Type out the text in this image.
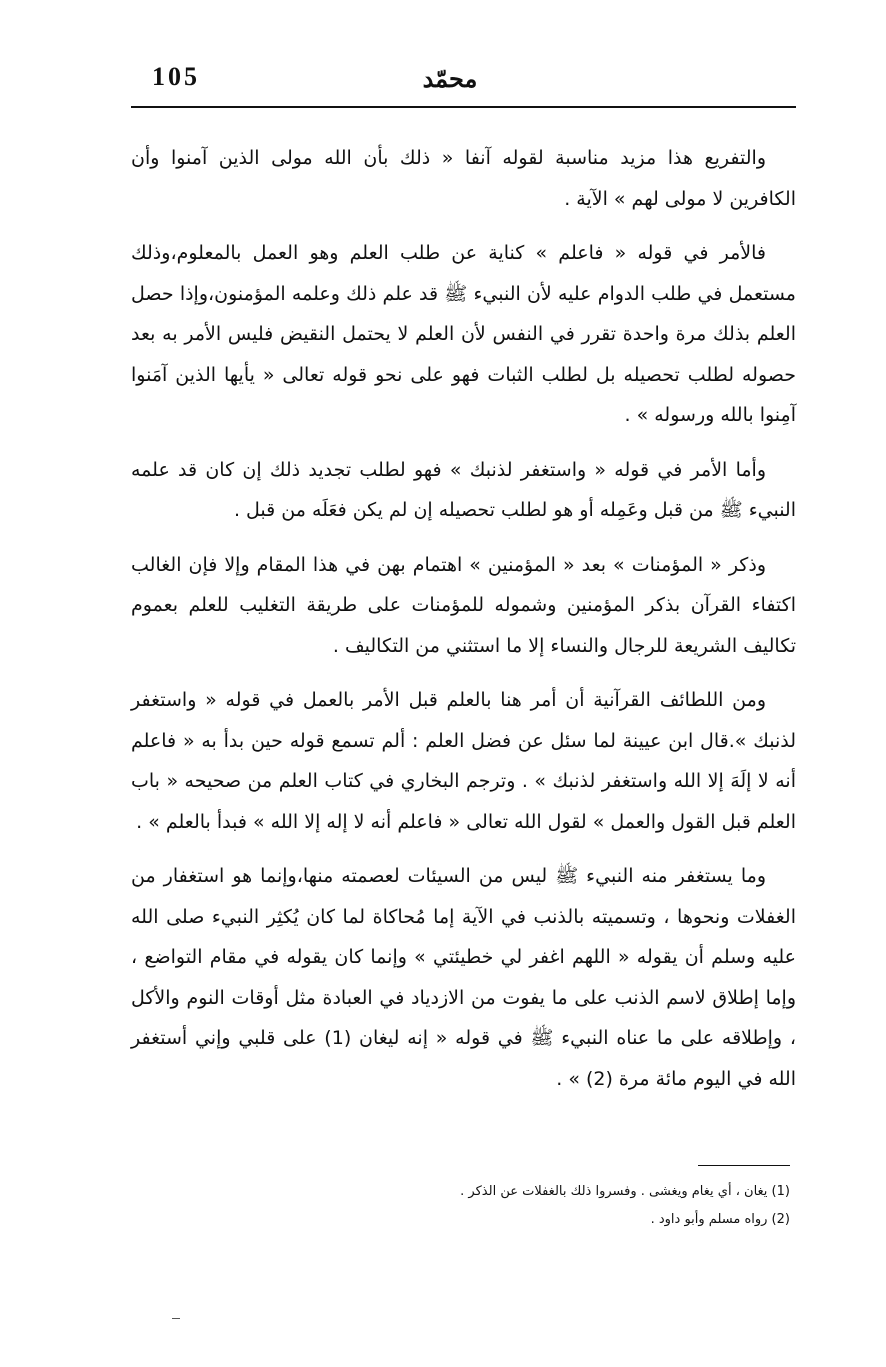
105	محمّد

والتفريع هذا مزيد مناسبة لقوله آنفا « ذلك بأن الله مولى الذين آمنوا وأن الكافرين لا مولى لهم » الآية .

فالأمر في قوله « فاعلم » كناية عن طلب العلم وهو العمل بالمعلوم،وذلك مستعمل في طلب الدوام عليه لأن النبيء ﷺ قد علم ذلك وعلمه المؤمنون،وإذا حصل العلم بذلك مرة واحدة تقرر في النفس لأن العلم لا يحتمل النقيض فليس الأمر به بعد حصوله لطلب تحصيله بل لطلب الثبات فهو على نحو قوله تعالى « يأيها الذين آمَنوا آمِنوا بالله ورسوله » .

وأما الأمر في قوله « واستغفر لذنبك » فهو لطلب تجديد ذلك إن كان قد علمه النبيء ﷺ من قبل وعَمِله أو هو لطلب تحصيله إن لم يكن فعَلَه من قبل .

وذكر « المؤمنات » بعد « المؤمنين » اهتمام بهن في هذا المقام وإلا فإن الغالب اكتفاء القرآن بذكر المؤمنين وشموله للمؤمنات على طريقة التغليب للعلم بعموم تكاليف الشريعة للرجال والنساء إلا ما استثني من التكاليف .

ومن اللطائف القرآنية أن أمر هنا بالعلم قبل الأمر بالعمل في قوله « واستغفر لذنبك ».قال ابن عيينة لما سئل عن فضل العلم : ألم تسمع قوله حين بدأ به « فاعلم أنه لا إلَهَ إلا الله واستغفر لذنبك » . وترجم البخاري في كتاب العلم من صحيحه « باب العلم قبل القول والعمل » لقول الله تعالى « فاعلم أنه لا إله إلا الله » فبدأ بالعلم » .

وما يستغفر منه النبيء ﷺ ليس من السيئات لعصمته منها،وإنما هو استغفار من الغفلات ونحوها ، وتسميته بالذنب في الآية إما مُحاكاة لما كان يُكثِر النبيء صلى الله عليه وسلم أن يقوله « اللهم اغفر لي خطيئتي » وإنما كان يقوله في مقام التواضع ، وإما إطلاق لاسم الذنب على ما يفوت من الازدياد في العبادة مثل أوقات النوم والأكل ، وإطلاقه على ما عناه النبيء ﷺ في قوله « إنه ليغان (1) على قلبي وإني أستغفر الله في اليوم مائة مرة (2) » .

(1) يغان ، أي يغام ويغشى . وفسروا ذلك بالغفلات عن الذكر .

(2) رواه مسلم وأبو داود .
